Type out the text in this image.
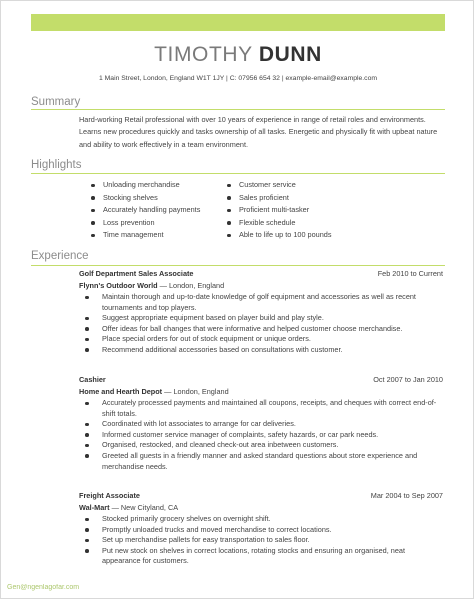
TIMOTHY DUNN
1 Main Street, London, England W1T 1JY | C: 07956 654 32 | example-email@example.com
Summary
Hard-working Retail professional with over 10 years of experience in range of retail roles and environments. Learns new procedures quickly and tasks ownership of all tasks. Energetic and physically fit with upbeat nature and ability to work effectively in a team environment.
Highlights
Unloading merchandise
Stocking shelves
Accurately handling payments
Loss prevention
Time management
Customer service
Sales proficient
Proficient multi-tasker
Flexible schedule
Able to life up to 100 pounds
Experience
Golf Department Sales Associate	Feb 2010 to Current
Flynn's Outdoor World — London, England
Maintain thorough and up-to-date knowledge of golf equipment and accessories as well as recent tournaments and top players.
Suggest appropriate equipment based on player build and play style.
Offer ideas for ball changes that were informative and helped customer choose merchandise.
Place special orders for out of stock equipment or unique orders.
Recommend additional accessories based on consultations with customer.
Cashier	Oct 2007 to Jan 2010
Home and Hearth Depot — London, England
Accurately processed payments and maintained all coupons, receipts, and cheques with correct end-of-shift totals.
Coordinated with lot associates to arrange for car deliveries.
Informed customer service manager of complaints, safety hazards, or car park needs.
Organised, restocked, and cleaned check-out area inbetween customers.
Greeted all guests in a friendly manner and asked standard questions about store experience and merchandise needs.
Freight Associate	Mar 2004 to Sep 2007
Wal-Mart — New Cityland, CA
Stocked primarily grocery shelves on overnight shift.
Promptly unloaded trucks and moved merchandise to correct locations.
Set up merchandise pallets for easy transportation to sales floor.
Put new stock on shelves in correct locations, rotating stocks and ensuring an organised, neat appearance for customers.
Gen@ngenlagofar.com
